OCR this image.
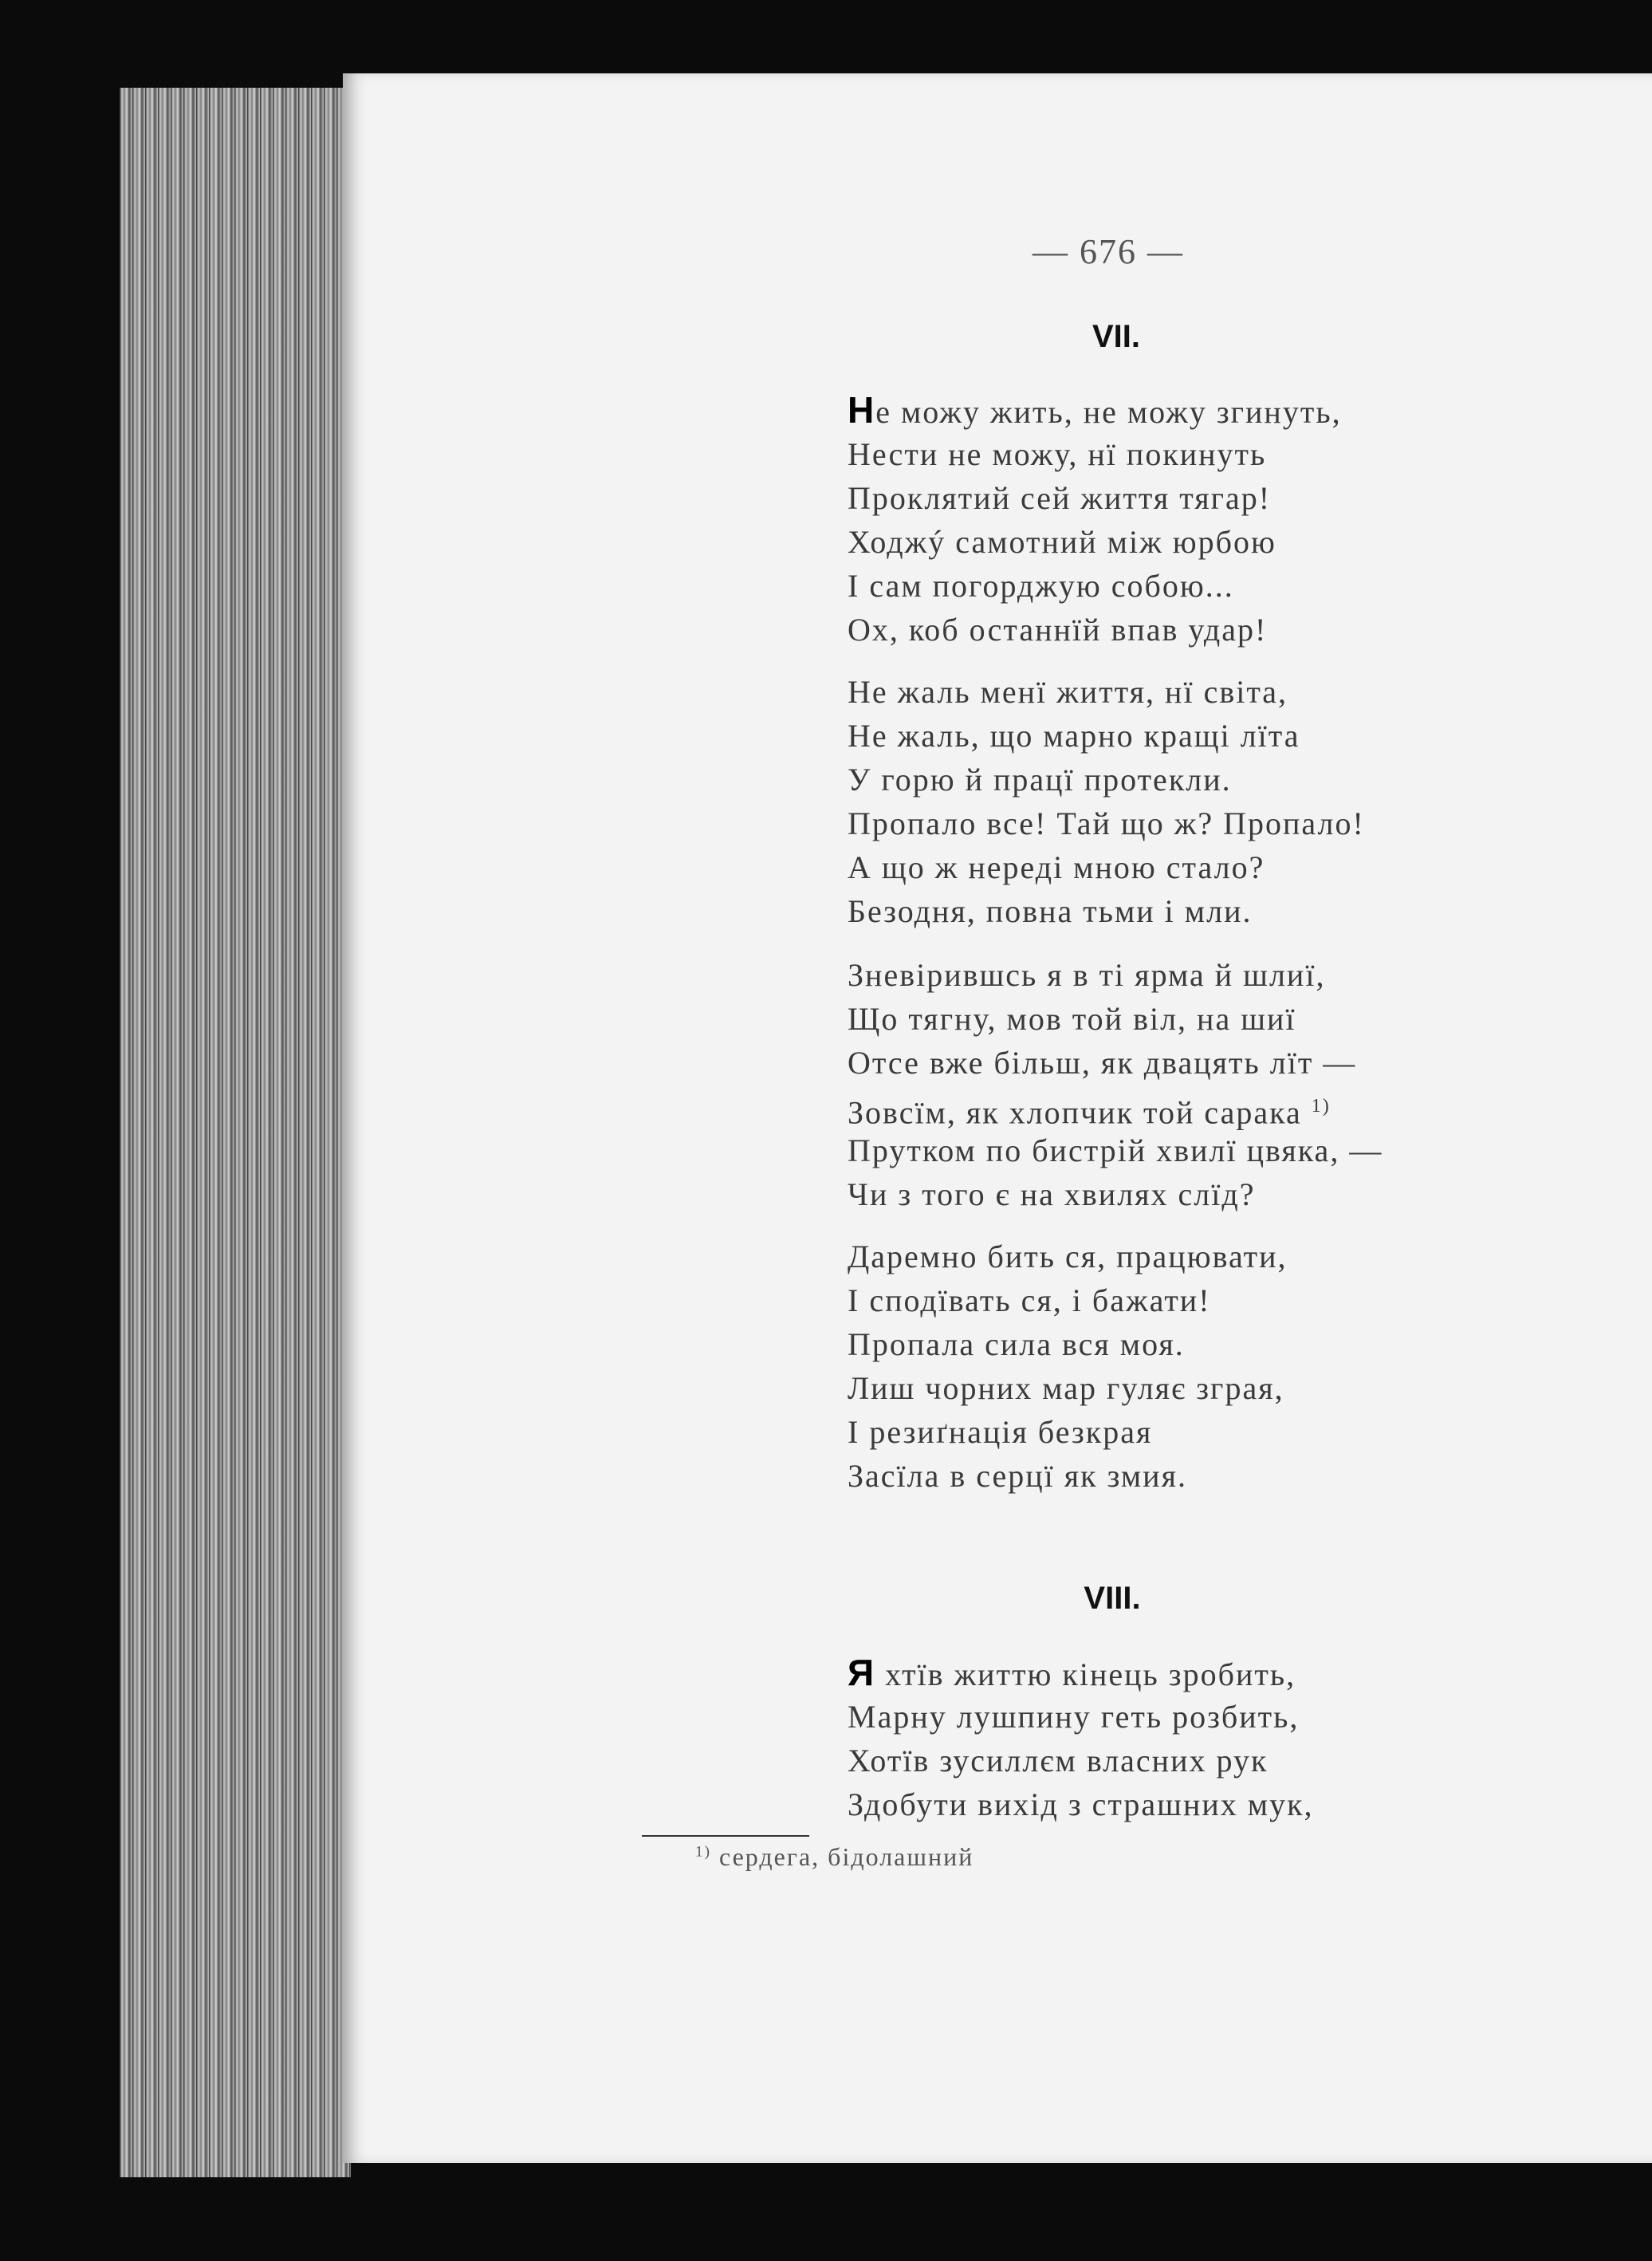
— 676 —
VII.
Не можу жить, не можу згинуть,
Нести не можу, нї покинуть
Проклятий сей життя тягар!
Ходжý самотний між юрбою
І сам погорджую собою...
Ох, коб останнїй впав удар!
Не жаль менї життя, нї світа,
Не жаль, що марно кращі лїта
У горю й працї протекли.
Пропало все! Тай що ж? Пропало!
А що ж нереді мною стало?
Безодня, повна тьми і мли.
Зневірившсь я в ті ярма й шлиї,
Що тягну, мов той віл, на шиї
Отсе вже більш, як двацять лїт —
Зовсїм, як хлопчик той сарака $^{1)}$
Прутком по бистрій хвилї цвяка, —
Чи з того є на хвилях слїд?
Даремно бить ся, працювати,
І сподївать ся, і бажати!
Пропала сила вся моя.
Лиш чорних мар гуляє зграя,
І резиґнація безкрая
Засїла в серцї як змия.
VIII.
Я хтїв життю кінець зробить,
Марну лушпину геть розбить,
Хотїв зусиллєм власних рук
Здобути вихід з страшних мук,
$^{1)}$ сердега, бідолашний
